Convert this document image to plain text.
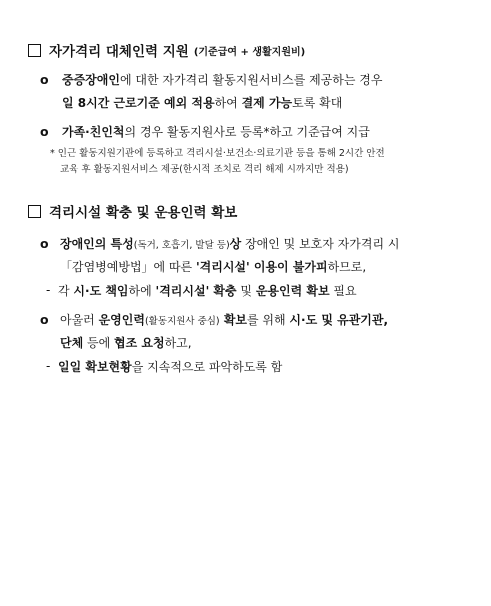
자가격리 대체인력 지원 (기준급여 + 생활지원비)
o 중증장애인에 대한 자가격리 활동지원서비스를 제공하는 경우
일 8시간 근로기준 예외 적용하여 결제 가능토록 확대
o 가족·친인척의 경우 활동지원사로 등록*하고 기준급여 지급
* 인근 활동지원기관에 등록하고 격리시설·보건소·의료기관 등을 통해 2시간 안전
교육 후 활동지원서비스 제공(한시적 조치로 격리 해제 시까지만 적용)
격리시설 확충 및 운용인력 확보
o 장애인의 특성(독거, 호흡기, 발달 등)상 장애인 및 보호자 자가격리 시
「감염병예방법」에 따른 '격리시설' 이용이 불가피하므로,
- 각 시·도 책임하에 '격리시설' 확충 및 운용인력 확보 필요
o 아울러 운영인력(활동지원사 중심) 확보를 위해 시·도 및 유관기관,
단체 등에 협조 요청하고,
- 일일 확보현황을 지속적으로 파악하도록 함
